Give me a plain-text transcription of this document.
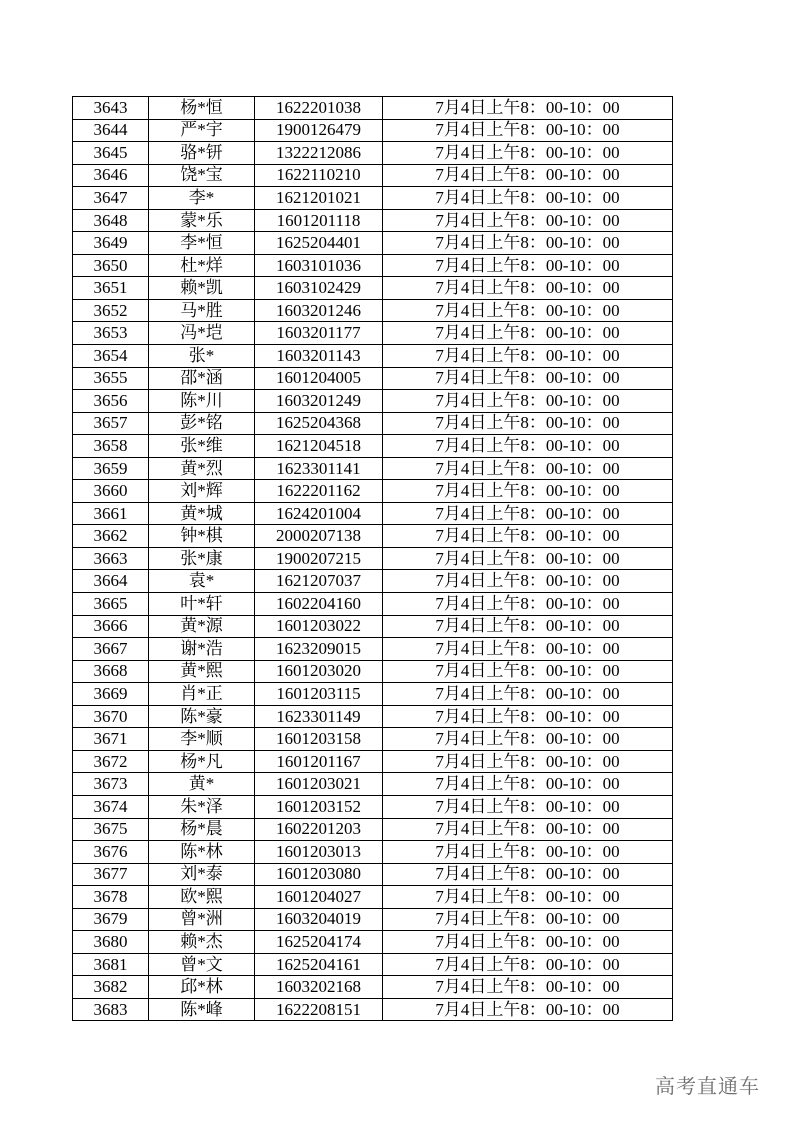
3643	杨*恒	1622201038	7月4日上午8：00-10：00
3644	严*宇	1900126479	7月4日上午8：00-10：00
3645	骆*钘	1322212086	7月4日上午8：00-10：00
3646	饶*宝	1622110210	7月4日上午8：00-10：00
3647	李*	1621201021	7月4日上午8：00-10：00
3648	蒙*乐	1601201118	7月4日上午8：00-10：00
3649	李*恒	1625204401	7月4日上午8：00-10：00
3650	杜*烊	1603101036	7月4日上午8：00-10：00
3651	赖*凯	1603102429	7月4日上午8：00-10：00
3652	马*胜	1603201246	7月4日上午8：00-10：00
3653	冯*垲	1603201177	7月4日上午8：00-10：00
3654	张*	1603201143	7月4日上午8：00-10：00
3655	邵*涵	1601204005	7月4日上午8：00-10：00
3656	陈*川	1603201249	7月4日上午8：00-10：00
3657	彭*铭	1625204368	7月4日上午8：00-10：00
3658	张*维	1621204518	7月4日上午8：00-10：00
3659	黄*烈	1623301141	7月4日上午8：00-10：00
3660	刘*辉	1622201162	7月4日上午8：00-10：00
3661	黄*城	1624201004	7月4日上午8：00-10：00
3662	钟*棋	2000207138	7月4日上午8：00-10：00
3663	张*康	1900207215	7月4日上午8：00-10：00
3664	袁*	1621207037	7月4日上午8：00-10：00
3665	叶*轩	1602204160	7月4日上午8：00-10：00
3666	黄*源	1601203022	7月4日上午8：00-10：00
3667	谢*浩	1623209015	7月4日上午8：00-10：00
3668	黄*熙	1601203020	7月4日上午8：00-10：00
3669	肖*正	1601203115	7月4日上午8：00-10：00
3670	陈*豪	1623301149	7月4日上午8：00-10：00
3671	李*顺	1601203158	7月4日上午8：00-10：00
3672	杨*凡	1601201167	7月4日上午8：00-10：00
3673	黄*	1601203021	7月4日上午8：00-10：00
3674	朱*泽	1601203152	7月4日上午8：00-10：00
3675	杨*晨	1602201203	7月4日上午8：00-10：00
3676	陈*林	1601203013	7月4日上午8：00-10：00
3677	刘*泰	1601203080	7月4日上午8：00-10：00
3678	欧*熙	1601204027	7月4日上午8：00-10：00
3679	曾*洲	1603204019	7月4日上午8：00-10：00
3680	赖*杰	1625204174	7月4日上午8：00-10：00
3681	曾*文	1625204161	7月4日上午8：00-10：00
3682	邱*林	1603202168	7月4日上午8：00-10：00
3683	陈*峰	1622208151	7月4日上午8：00-10：00
高考直通车
